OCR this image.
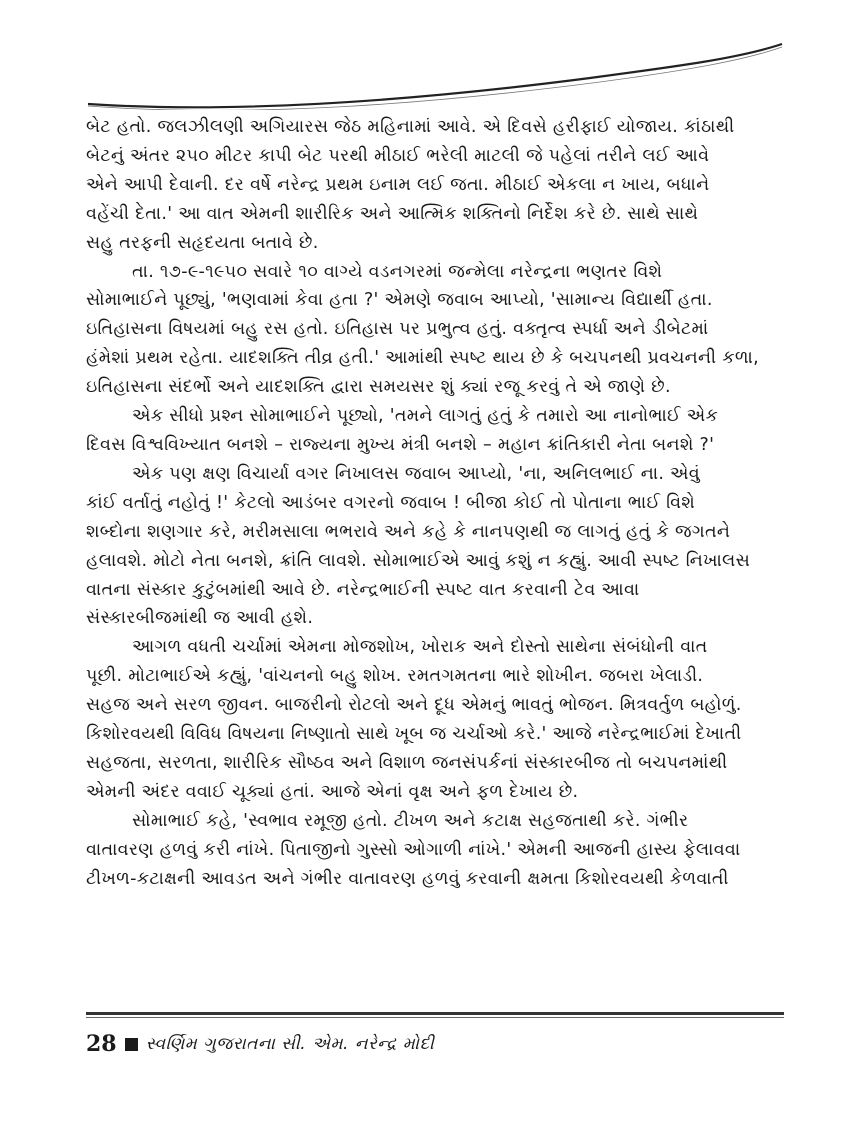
બેટ હતો. જલઝીલણી અગિયારસ જેઠ મહિનામાં આવે. એ દિવસે હરીફાઈ યોજાય. કાંઠાથી
બેટનું અંતર ૨૫૦ મીટર કાપી બેટ પરથી મીઠાઈ ભરેલી માટલી જે પહેલાં તરીને લઈ આવે
એને આપી દેવાની. દર વર્ષે નરેન્દ્ર પ્રથમ ઇનામ લઈ જતા. મીઠાઈ એકલા ન ખાય, બધાને
વહેંચી દેતા.' આ વાત એમની શારીરિક અને આત્મિક શક્તિનો નિર્દેશ કરે છે. સાથે સાથે
સહુ તરફની સહૃદયતા બતાવે છે.

તા. ૧૭-૯-૧૯૫૦ સવારે ૧૦ વાગ્યે વડનગરમાં જન્મેલા નરેન્દ્રના ભણતર વિશે
સોમાભાઈને પૂછ્યું, 'ભણવામાં કેવા હતા ?' એમણે જવાબ આપ્યો, 'સામાન્ય વિદ્યાર્થી હતા.
ઇતિહાસના વિષયમાં બહુ રસ હતો. ઇતિહાસ પર પ્રભુત્વ હતું. વક્તૃત્વ સ્પર્ધા અને ડીબેટમાં
હંમેશાં પ્રથમ રહેતા. યાદશક્તિ તીવ્ર હતી.' આમાંથી સ્પષ્ટ થાય છે કે બચપનથી પ્રવચનની કળા,
ઇતિહાસના સંદર્ભો અને યાદશક્તિ દ્વારા સમયસર શું ક્યાં રજૂ કરવું તે એ જાણે છે.

એક સીધો પ્રશ્ન સોમાભાઈને પૂછ્યો, 'તમને લાગતું હતું કે તમારો આ નાનોભાઈ એક
દિવસ વિશ્વવિખ્યાત બનશે – રાજ્યના મુખ્ય મંત્રી બનશે – મહાન ક્રાંતિકારી નેતા બનશે ?'

એક પણ ક્ષણ વિચાર્યા વગર નિખાલસ જવાબ આપ્યો, 'ના, અનિલભાઈ ના. એવું
કાંઈ વર્તાતું નહોતું !' કેટલો આડંબર વગરનો જવાબ ! બીજા કોઈ તો પોતાના ભાઈ વિશે
શબ્દોના શણગાર કરે, મરીમસાલા ભભરાવે અને કહે કે નાનપણથી જ લાગતું હતું કે જગતને
હલાવશે. મોટો નેતા બનશે, ક્રાંતિ લાવશે. સોમાભાઈએ આવું કશું ન કહ્યું. આવી સ્પષ્ટ નિખાલસ
વાતના સંસ્કાર કુટુંબમાંથી આવે છે. નરેન્દ્રભાઈની સ્પષ્ટ વાત કરવાની ટેવ આવા
સંસ્કારબીજમાંથી જ આવી હશે.

આગળ વધતી ચર્ચામાં એમના મોજશોખ, ખોરાક અને દોસ્તો સાથેના સંબંધોની વાત
પૂછી. મોટાભાઈએ કહ્યું, 'વાંચનનો બહુ શોખ. રમતગમતના ભારે શોખીન. જબરા ખેલાડી.
સહજ અને સરળ જીવન. બાજરીનો રોટલો અને દૂધ એમનું ભાવતું ભોજન. મિત્રવર્તુળ બહોળું.
કિશોરવયથી વિવિધ વિષયના નિષ્ણાતો સાથે ખૂબ જ ચર્ચાઓ કરે.' આજે નરેન્દ્રભાઈમાં દેખાતી
સહજતા, સરળતા, શારીરિક સૌષ્ઠવ અને વિશાળ જનસંપર્કનાં સંસ્કારબીજ તો બચપનમાંથી
એમની અંદર વવાઈ ચૂક્યાં હતાં. આજે એનાં વૃક્ષ અને ફળ દેખાય છે.

સોમાભાઈ કહે, 'સ્વભાવ રમૂજી હતો. ટીખળ અને કટાક્ષ સહજતાથી કરે. ગંભીર
વાતાવરણ હળવું કરી નાંખે. પિતાજીનો ગુસ્સો ઓગાળી નાંખે.' એમની આજની હાસ્ય ફેલાવવા
ટીખળ-કટાક્ષની આવડત અને ગંભીર વાતાવરણ હળવું કરવાની ક્ષમતા કિશોરવયથી કેળવાતી

28 સ્વર્ણિમ ગુજરાતના સી. એમ. નરેન્દ્ર મોદી
